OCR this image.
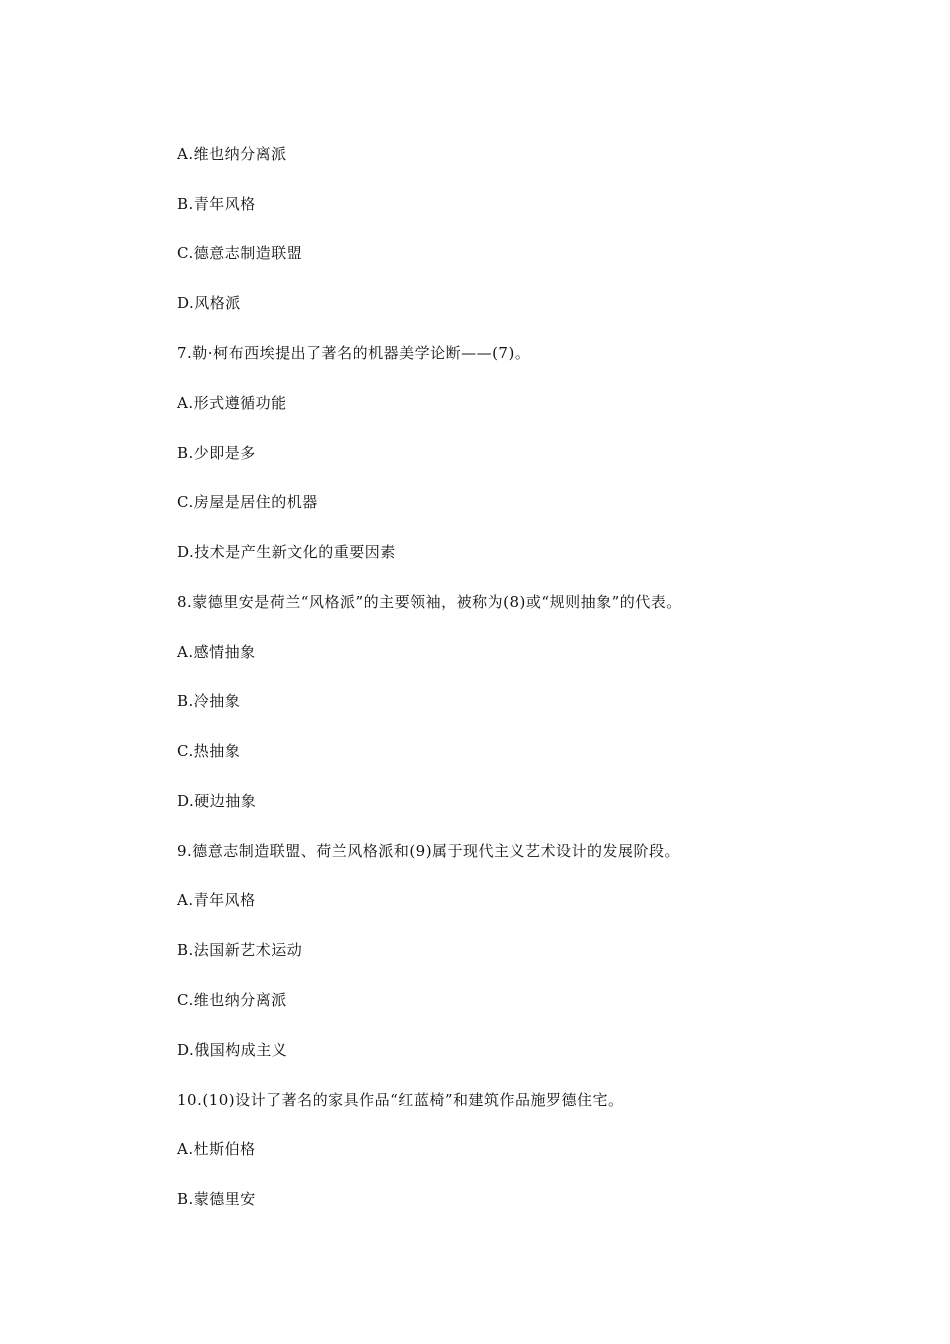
A.维也纳分离派
B.青年风格
C.德意志制造联盟
D.风格派
7.勒·柯布西埃提出了著名的机器美学论断——(7)。
A.形式遵循功能
B.少即是多
C.房屋是居住的机器
D.技术是产生新文化的重要因素
8.蒙德里安是荷兰“风格派”的主要领袖，被称为(8)或“规则抽象”的代表。
A.感情抽象
B.冷抽象
C.热抽象
D.硬边抽象
9.德意志制造联盟、荷兰风格派和(9)属于现代主义艺术设计的发展阶段。
A.青年风格
B.法国新艺术运动
C.维也纳分离派
D.俄国构成主义
10.(10)设计了著名的家具作品“红蓝椅”和建筑作品施罗德住宅。
A.杜斯伯格
B.蒙德里安
